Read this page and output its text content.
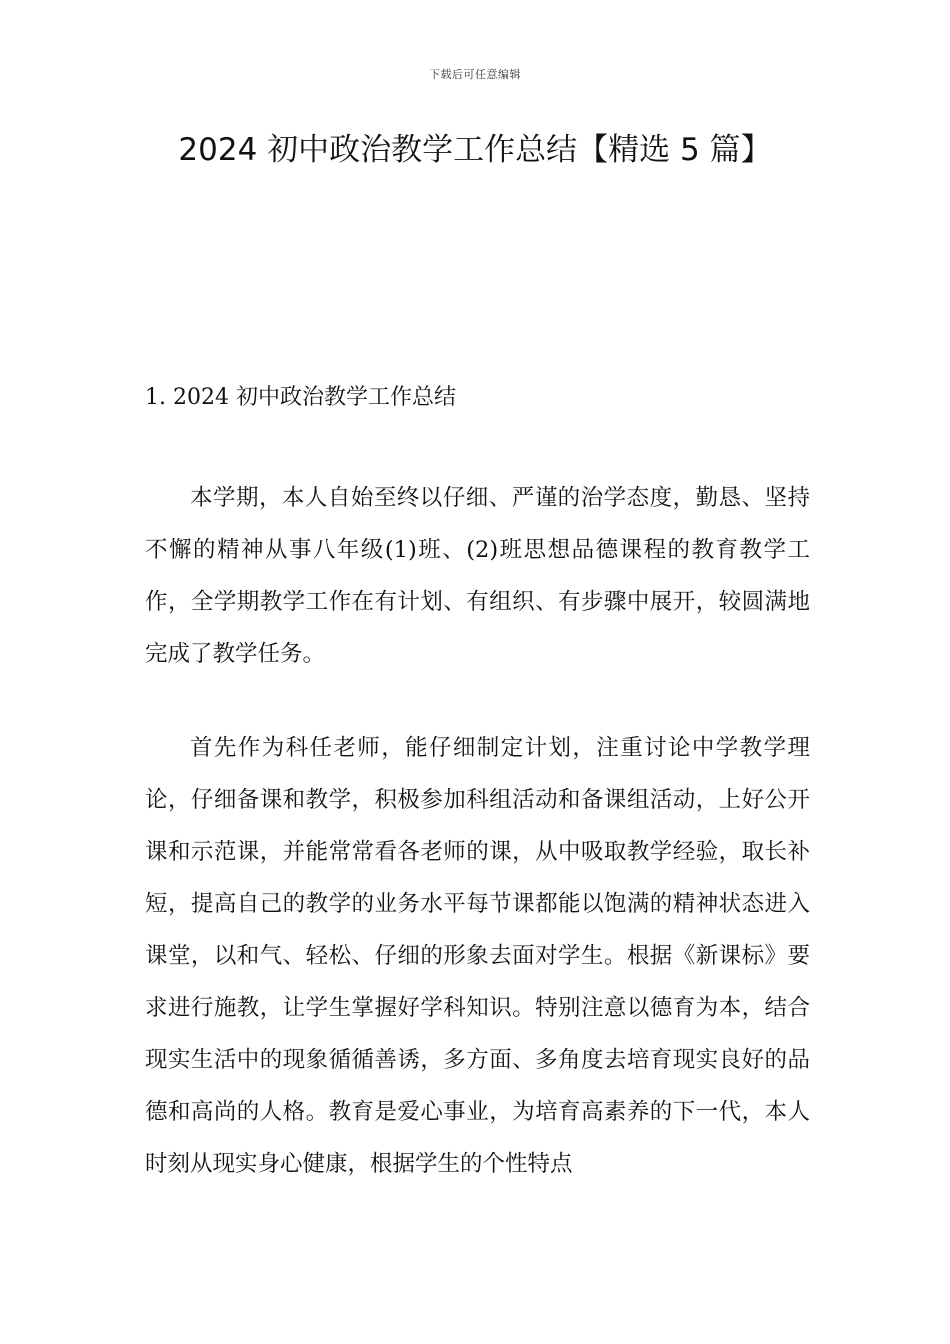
下载后可任意编辑
2024 初中政治教学工作总结【精选 5 篇】
1. 2024 初中政治教学工作总结

本学期，本人自始至终以仔细、严谨的治学态度，勤恳、坚持不懈的精神从事八年级(1)班、(2)班思想品德课程的教育教学工作，全学期教学工作在有计划、有组织、有步骤中展开，较圆满地完成了教学任务。

首先作为科任老师，能仔细制定计划，注重讨论中学教学理论，仔细备课和教学，积极参加科组活动和备课组活动，上好公开课和示范课，并能常常看各老师的课，从中吸取教学经验，取长补短，提高自己的教学的业务水平每节课都能以饱满的精神状态进入课堂，以和气、轻松、仔细的形象去面对学生。根据《新课标》要求进行施教，让学生掌握好学科知识。特别注意以德育为本，结合现实生活中的现象循循善诱，多方面、多角度去培育现实良好的品德和高尚的人格。教育是爱心事业，为培育高素养的下一代，本人时刻从现实身心健康，根据学生的个性特点
